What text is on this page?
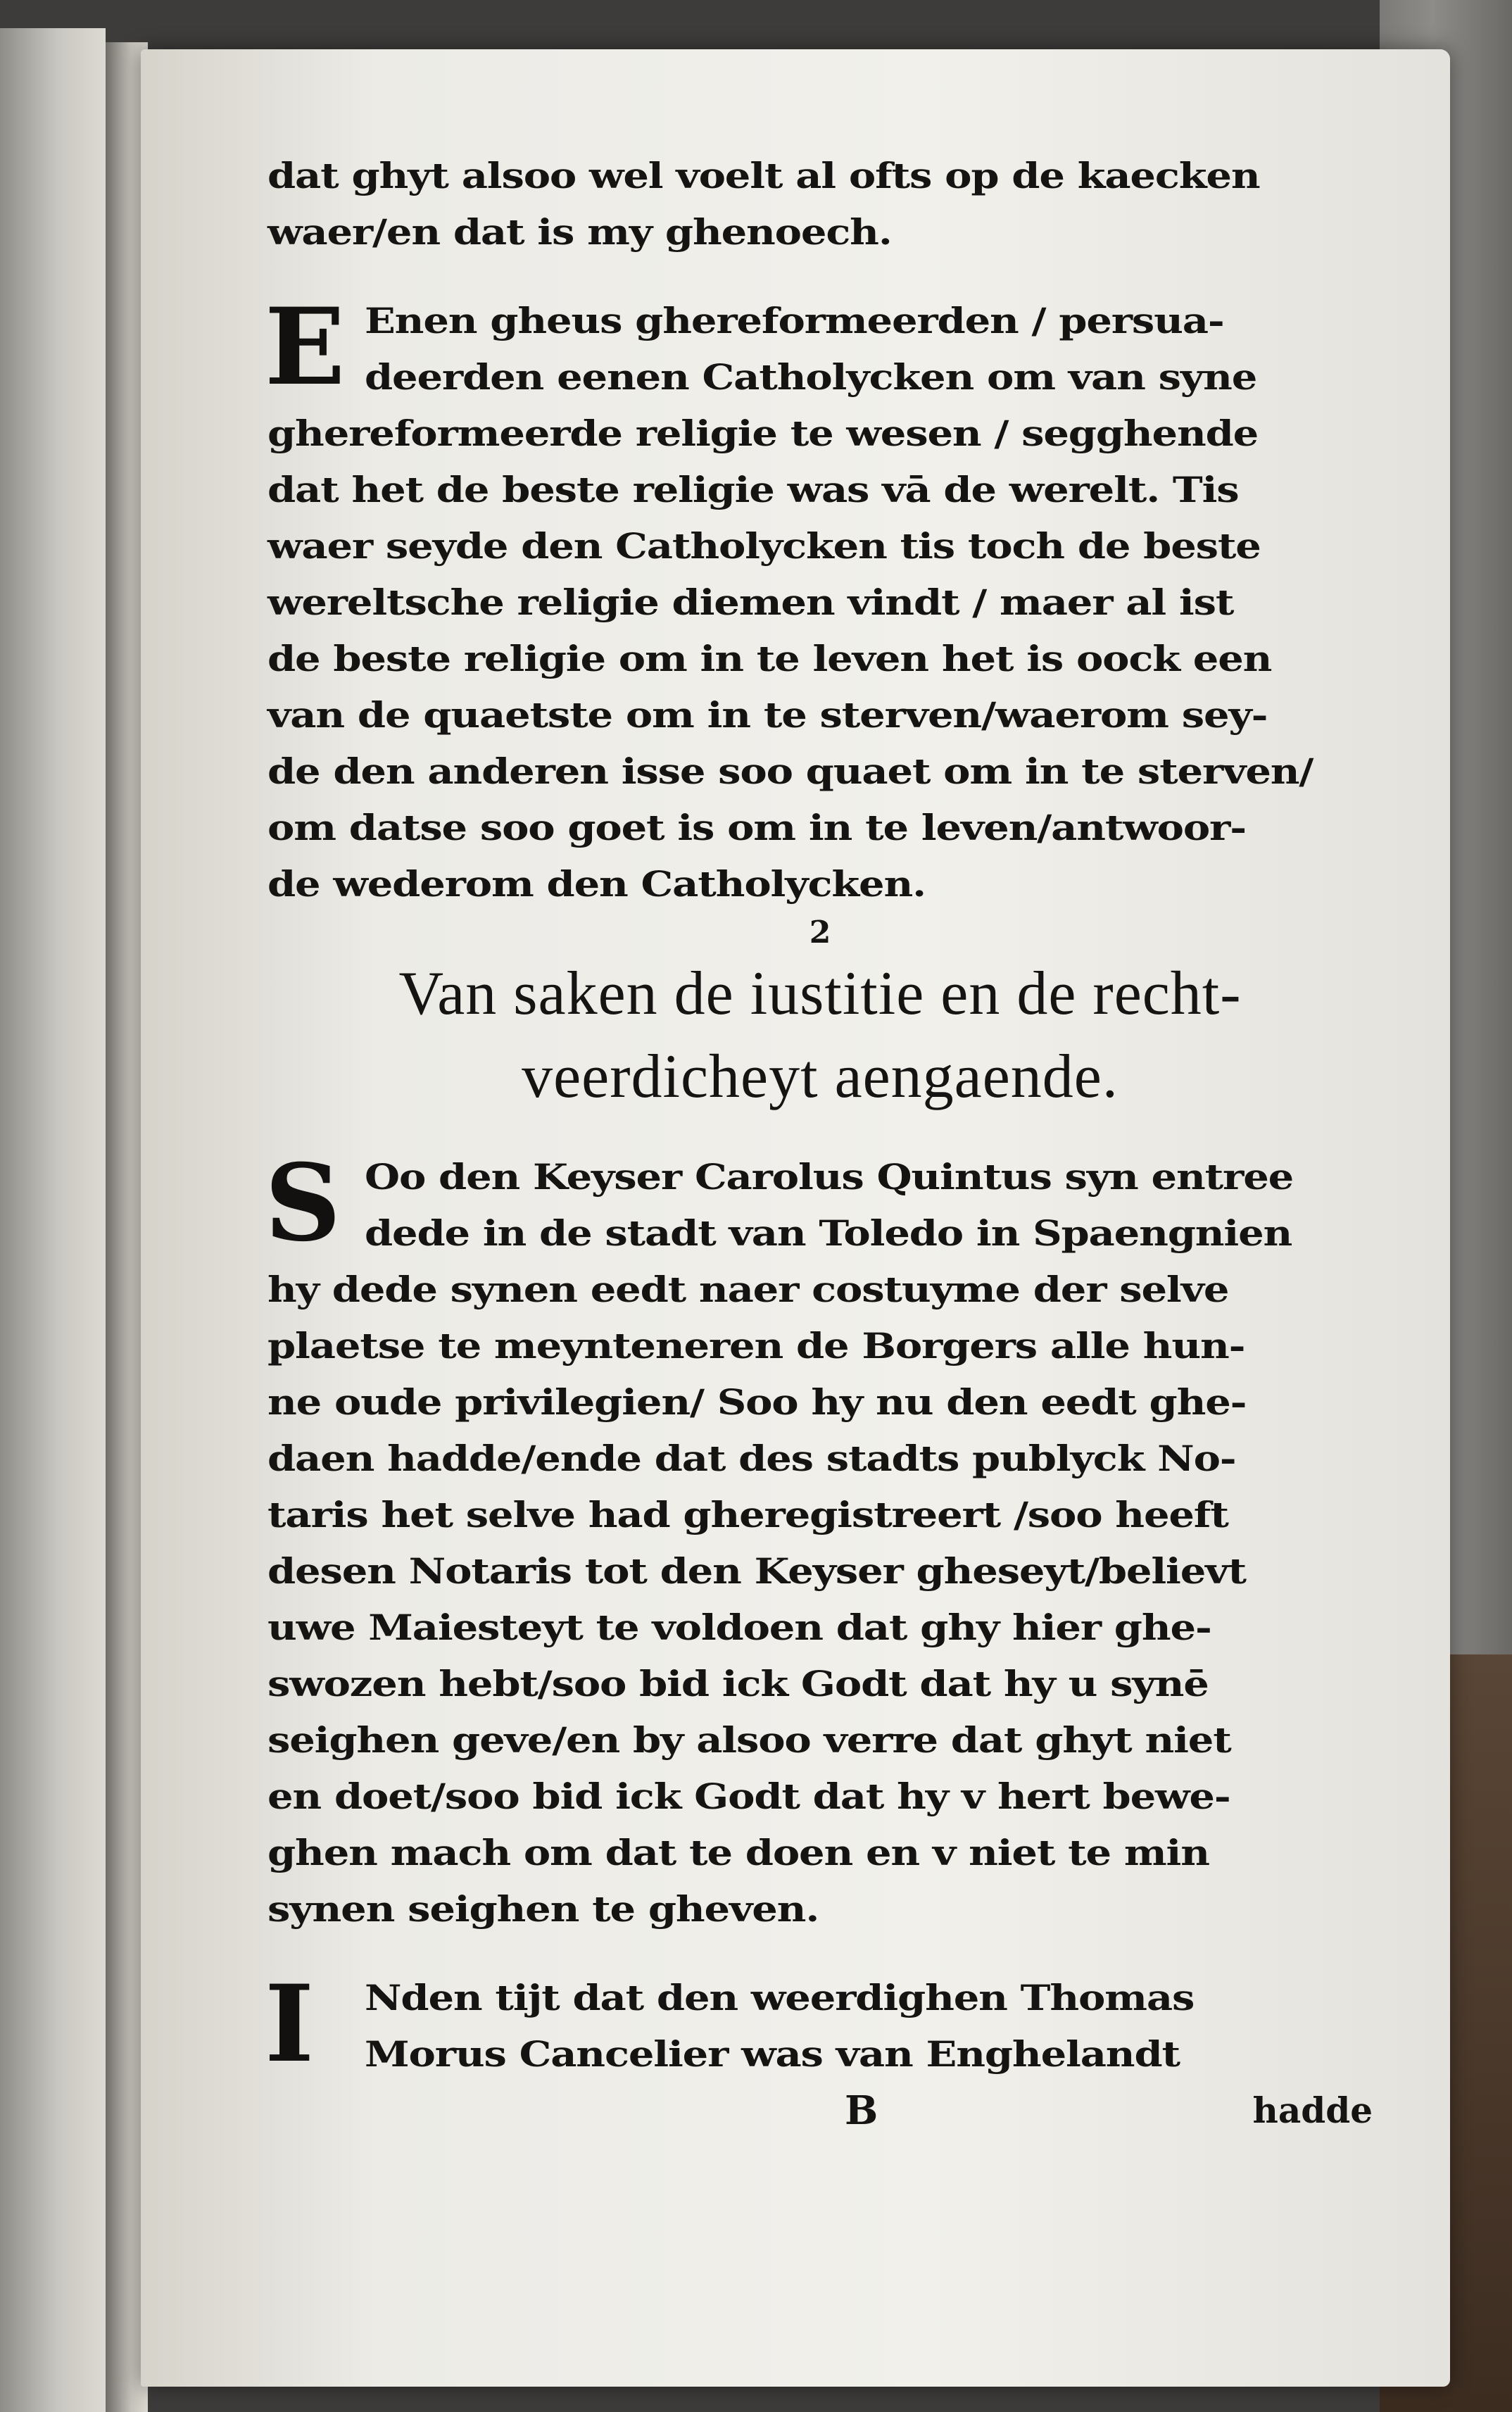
dat ghyt alsoo wel voelt al ofts op de kaecken
waer/en dat is my ghenoech.
E Enen gheus ghereformeerden / persua-
deerden eenen Catholycken om van syne
ghereformeerde religie te wesen / segghende
dat het de beste religie was vā de werelt. Tis
waer seyde den Catholycken tis toch de beste
wereltsche religie diemen vindt / maer al ist
de beste religie om in te leven het is oock een
van de quaetste om in te sterven/waerom sey-
de den anderen isse soo quaet om in te sterven/
om datse soo goet is om in te leven/antwoor-
de wederom den Catholycken.
2
Van saken de iustitie en de recht-
veerdicheyt aengaende.
S Oo den Keyser Carolus Quintus syn entree
dede in de stadt van Toledo in Spaengnien
hy dede synen eedt naer costuyme der selve
plaetse te meynteneren de Borgers alle hun-
ne oude privilegien/ Soo hy nu den eedt ghe-
daen hadde/ende dat des stadts publyck No-
taris het selve had gheregistreert /soo heeft
desen Notaris tot den Keyser gheseyt/believt
uwe Maiesteyt te voldoen dat ghy hier ghe-
swozen hebt/soo bid ick Godt dat hy u synē
seighen geve/en by alsoo verre dat ghyt niet
en doet/soo bid ick Godt dat hy v hert bewe-
ghen mach om dat te doen en v niet te min
synen seighen te gheven.
I	Nden tijt dat den weerdighen Thomas
Morus Cancelier was van Enghelandt
B	hadde
